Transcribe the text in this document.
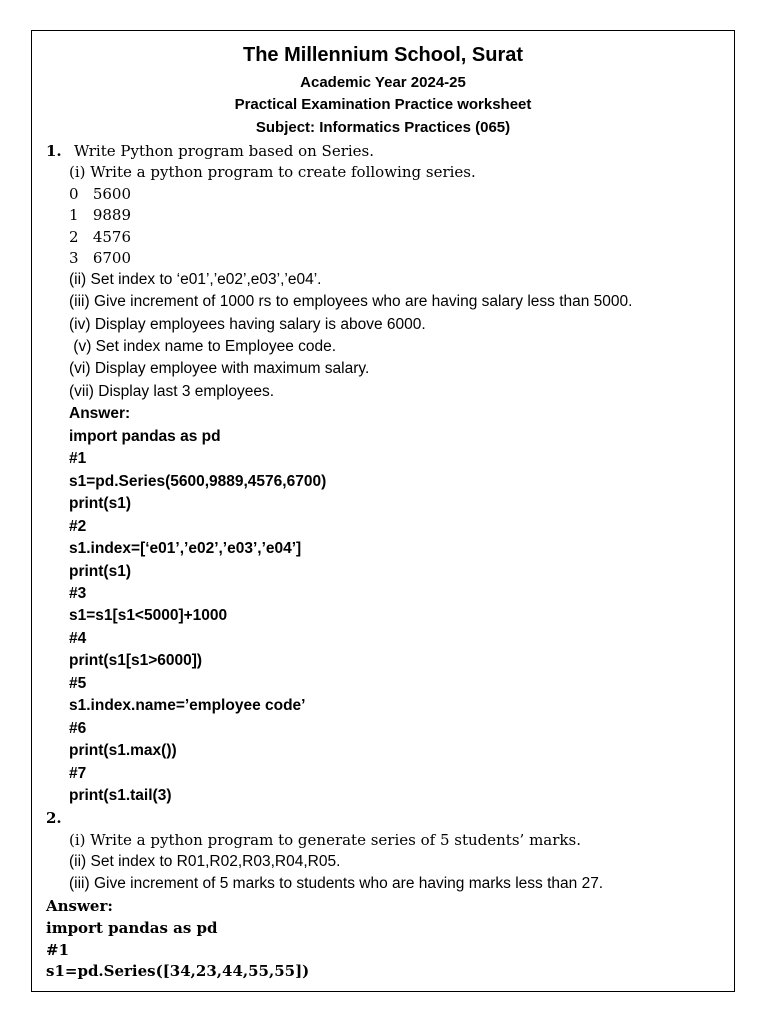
The Millennium School, Surat
Academic Year 2024-25
Practical Examination Practice worksheet
Subject: Informatics Practices (065)
1. Write Python program based on Series.
(i) Write a python program to create following series.
0   5600
1   9889
2   4576
3   6700
(ii) Set index to ‘e01’,’e02’,e03’,’e04’.
(iii) Give increment of 1000 rs to employees who are having salary less than 5000.
(iv) Display employees having salary is above 6000.
(v) Set index name to Employee code.
(vi) Display employee with maximum salary.
(vii) Display last 3 employees.
Answer:
import pandas as pd
#1
s1=pd.Series(5600,9889,4576,6700)
print(s1)
#2
s1.index=[‘e01’,’e02’,’e03’,’e04’]
print(s1)
#3
s1=s1[s1<5000]+1000
#4
print(s1[s1>6000])
#5
s1.index.name=’employee code’
#6
print(s1.max())
#7
print(s1.tail(3)
2.
(i) Write a python program to generate series of 5 students’ marks.
(ii) Set index to R01,R02,R03,R04,R05.
(iii) Give increment of 5 marks to students who are having marks less than 27.
Answer:
import pandas as pd
#1
s1=pd.Series([34,23,44,55,55])
